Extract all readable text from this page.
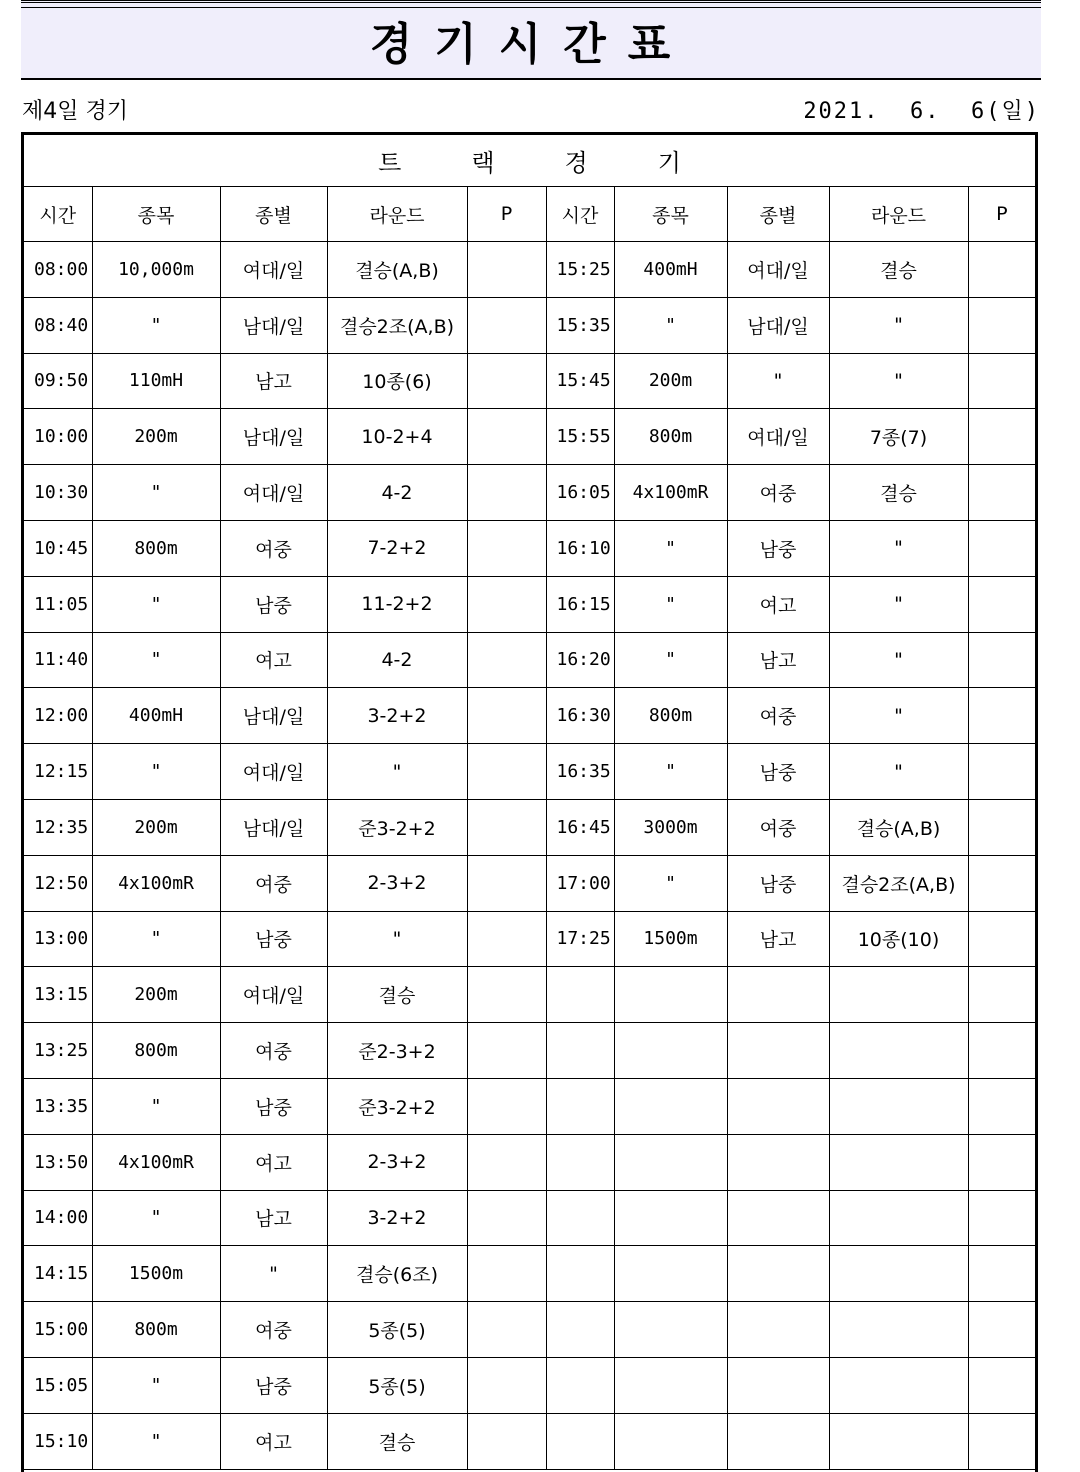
경기시간표
제4일 경기	2021.  6.  6(일)
트랙경기									
시간	종목	종별	라운드	P	시간	종목	종별	라운드	P
08:00	10,000m	여대/일	결승(A,B)		15:25	400mH	여대/일	결승	
08:40	"	남대/일	결승2조(A,B)		15:35	"	남대/일	"	
09:50	110mH	남고	10종(6)		15:45	200m	"	"	
10:00	200m	남대/일	10-2+4		15:55	800m	여대/일	7종(7)	
10:30	"	여대/일	4-2		16:05	4x100mR	여중	결승	
10:45	800m	여중	7-2+2		16:10	"	남중	"	
11:05	"	남중	11-2+2		16:15	"	여고	"	
11:40	"	여고	4-2		16:20	"	남고	"	
12:00	400mH	남대/일	3-2+2		16:30	800m	여중	"	
12:15	"	여대/일	"		16:35	"	남중	"	
12:35	200m	남대/일	준3-2+2		16:45	3000m	여중	결승(A,B)	
12:50	4x100mR	여중	2-3+2		17:00	"	남중	결승2조(A,B)	
13:00	"	남중	"		17:25	1500m	남고	10종(10)	
13:15	200m	여대/일	결승						
13:25	800m	여중	준2-3+2						
13:35	"	남중	준3-2+2						
13:50	4x100mR	여고	2-3+2						
14:00	"	남고	3-2+2						
14:15	1500m	"	결승(6조)						
15:00	800m	여중	5종(5)						
15:05	"	남중	5종(5)						
15:10	"	여고	결승						
